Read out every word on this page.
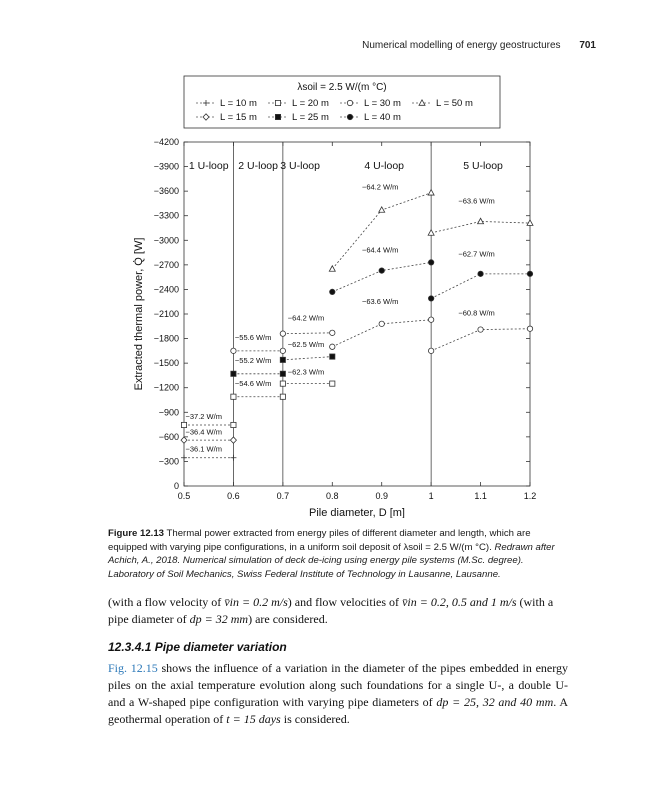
Numerical modelling of energy geostructures 701
λsoil = 2.5 W/(m °C)
L = 10 m	L = 20 m	L = 30 m	L = 50 m
L = 15 m	L = 25 m	L = 40 m
0
−300
−600
−900
−1200
−1500
−1800
−2100
−2400
−2700
−3000
−3300
−3600
−3900
−4200
0.5	0.6	0.7	0.8	0.9	1	1.1	1.2
1 U-loop 2 U-loop 3 U-loop	4 U-loop	5 U-loop
−37.2 W/m
−36.4 W/m
−36.1 W/m
−55.6 W/m
−55.2 W/m
−54.6 W/m
−64.2 W/m
−62.5 W/m
−62.3 W/m
−64.2 W/m
−64.4 W/m
−63.6 W/m
−63.6 W/m
−62.7 W/m
−60.8 W/m
Pile diameter, D [m]
Extracted thermal power, Q̇ [W]
Figure 12.13 Thermal power extracted from energy piles of different diameter and length, which are equipped with varying pipe configurations, in a uniform soil deposit of λsoil = 2.5 W/(m °C). Redrawn after Achich, A., 2018. Numerical simulation of deck de-icing using energy pile systems (M.Sc. degree). Laboratory of Soil Mechanics, Swiss Federal Institute of Technology in Lausanne, Lausanne.

(with a flow velocity of v̄in = 0.2 m/s) and flow velocities of v̄in = 0.2, 0.5 and 1 m/s (with a pipe diameter of dp = 32 mm) are considered.

12.3.4.1 Pipe diameter variation

Fig. 12.15 shows the influence of a variation in the diameter of the pipes embedded in energy piles on the axial temperature evolution along such foundations for a single U-, a double U- and a W-shaped pipe configuration with varying pipe diameters of dp = 25, 32 and 40 mm. A geothermal operation of t = 15 days is considered.
